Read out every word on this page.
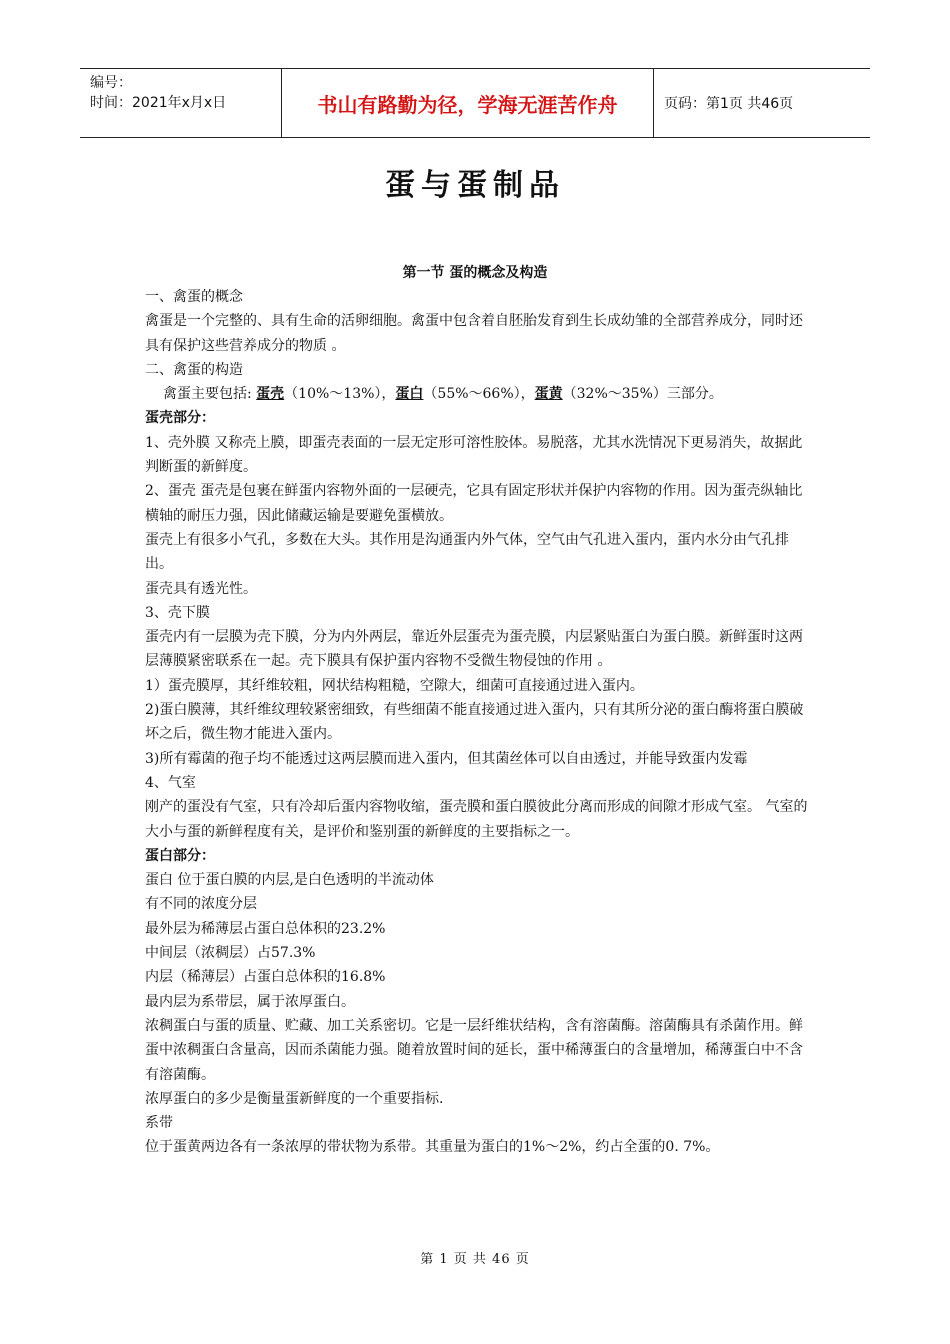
编号：
时间：2021年x月x日	书山有路勤为径，学海无涯苦作舟	页码：第1页 共46页
蛋与蛋制品
第一节 蛋的概念及构造

一、禽蛋的概念

禽蛋是一个完整的、具有生命的活卵细胞。禽蛋中包含着自胚胎发育到生长成幼雏的全部营养成分，同时还具有保护这些营养成分的物质 。

二、禽蛋的构造

禽蛋主要包括: 蛋壳（10%～13%），蛋白（55%～66%），蛋黄（32%～35%）三部分。

蛋壳部分：

1、壳外膜 又称壳上膜，即蛋壳表面的一层无定形可溶性胶体。易脱落，尤其水洗情况下更易消失，故据此判断蛋的新鲜度。

2、蛋壳 蛋壳是包裹在鲜蛋内容物外面的一层硬壳，它具有固定形状并保护内容物的作用。因为蛋壳纵轴比横轴的耐压力强，因此储藏运输是要避免蛋横放。

蛋壳上有很多小气孔，多数在大头。其作用是沟通蛋内外气体，空气由气孔进入蛋内，蛋内水分由气孔排出。

蛋壳具有透光性。

3、壳下膜

蛋壳内有一层膜为壳下膜，分为内外两层，靠近外层蛋壳为蛋壳膜，内层紧贴蛋白为蛋白膜。新鲜蛋时这两层薄膜紧密联系在一起。壳下膜具有保护蛋内容物不受微生物侵蚀的作用 。

1）蛋壳膜厚，其纤维较粗，网状结构粗糙，空隙大，细菌可直接通过进入蛋内。

2)蛋白膜薄，其纤维纹理较紧密细致，有些细菌不能直接通过进入蛋内，只有其所分泌的蛋白酶将蛋白膜破坏之后，微生物才能进入蛋内。

3)所有霉菌的孢子均不能透过这两层膜而进入蛋内，但其菌丝体可以自由透过，并能导致蛋内发霉

4、气室

刚产的蛋没有气室，只有冷却后蛋内容物收缩，蛋壳膜和蛋白膜彼此分离而形成的间隙才形成气室。 气室的大小与蛋的新鲜程度有关，是评价和鉴别蛋的新鲜度的主要指标之一。

蛋白部分：

蛋白 位于蛋白膜的内层,是白色透明的半流动体

有不同的浓度分层

最外层为稀薄层占蛋白总体积的23.2%

中间层（浓稠层）占57.3%

内层（稀薄层）占蛋白总体积的16.8%

最内层为系带层，属于浓厚蛋白。

浓稠蛋白与蛋的质量、贮藏、加工关系密切。它是一层纤维状结构，含有溶菌酶。溶菌酶具有杀菌作用。鲜蛋中浓稠蛋白含量高，因而杀菌能力强。随着放置时间的延长，蛋中稀薄蛋白的含量增加，稀薄蛋白中不含有溶菌酶。

浓厚蛋白的多少是衡量蛋新鲜度的一个重要指标.

系带

位于蛋黄两边各有一条浓厚的带状物为系带。其重量为蛋白的1%～2%，约占全蛋的0. 7%。

第 1 页 共 46 页
